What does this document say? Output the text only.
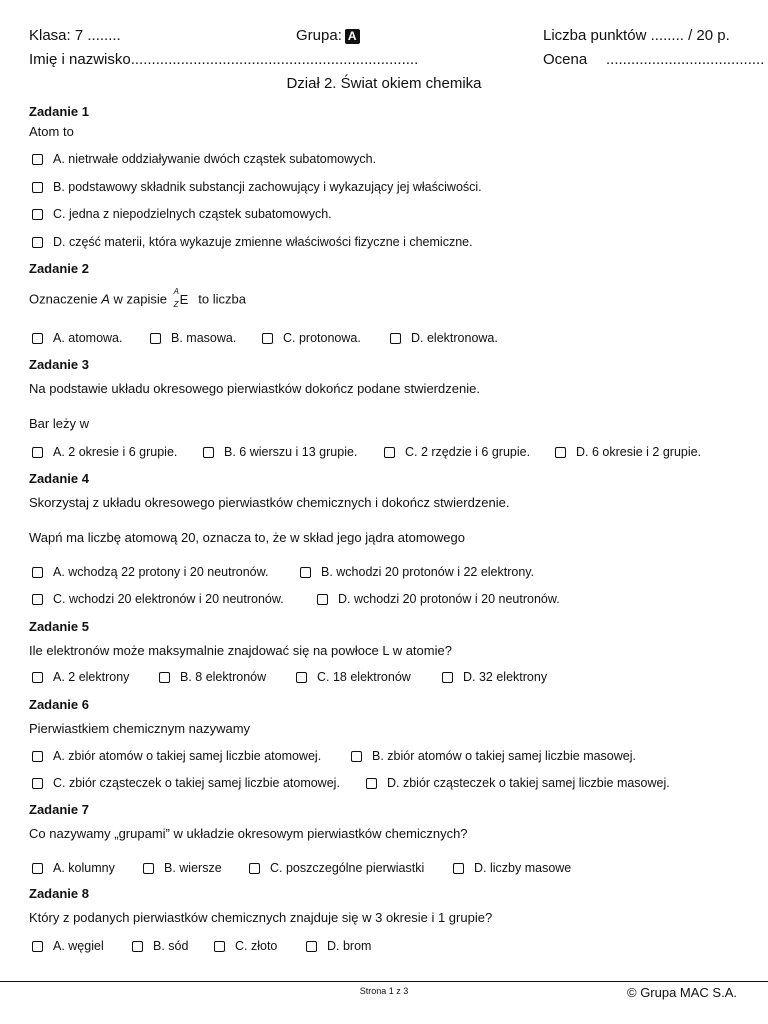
Klasa: 7 ........	Grupa: A	Liczba punktów ........ / 20 p.
Imię i nazwisko.....................................................................	Ocena ......................................
Dział 2. Świat okiem chemika
Zadanie 1
Atom to
A. nietrwałe oddziaływanie dwóch cząstek subatomowych.
B. podstawowy składnik substancji zachowujący i wykazujący jej właściwości.
C. jedna z niepodzielnych cząstek subatomowych.
D. część materii, która wykazuje zmienne właściwości fizyczne i chemiczne.
Zadanie 2
Oznaczenie A w zapisie A
Z E to liczba
A. atomowa.	B. masowa.	C. protonowa.	D. elektronowa.
Zadanie 3
Na podstawie układu okresowego pierwiastków dokończ podane stwierdzenie.
Bar leży w
A. 2 okresie i 6 grupie.	B. 6 wierszu i 13 grupie.	C. 2 rzędzie i 6 grupie.	D. 6 okresie i 2 grupie.
Zadanie 4
Skorzystaj z układu okresowego pierwiastków chemicznych i dokończ stwierdzenie.
Wapń ma liczbę atomową 20, oznacza to, że w skład jego jądra atomowego
A. wchodzą 22 protony i 20 neutronów.	B. wchodzi 20 protonów i 22 elektrony.
C. wchodzi 20 elektronów i 20 neutronów.	D. wchodzi 20 protonów i 20 neutronów.
Zadanie 5
Ile elektronów może maksymalnie znajdować się na powłoce L w atomie?
A. 2 elektrony	B. 8 elektronów	C. 18 elektronów	D. 32 elektrony
Zadanie 6
Pierwiastkiem chemicznym nazywamy
A. zbiór atomów o takiej samej liczbie atomowej.	B. zbiór atomów o takiej samej liczbie masowej.
C. zbiór cząsteczek o takiej samej liczbie atomowej.	D. zbiór cząsteczek o takiej samej liczbie masowej.
Zadanie 7
Co nazywamy „grupami” w układzie okresowym pierwiastków chemicznych?
A. kolumny	B. wiersze	C. poszczególne pierwiastki	D. liczby masowe
Zadanie 8
Który z podanych pierwiastków chemicznych znajduje się w 3 okresie i 1 grupie?
A. węgiel	B. sód	C. złoto	D. brom
Strona 1 z 3	© Grupa MAC S.A.
